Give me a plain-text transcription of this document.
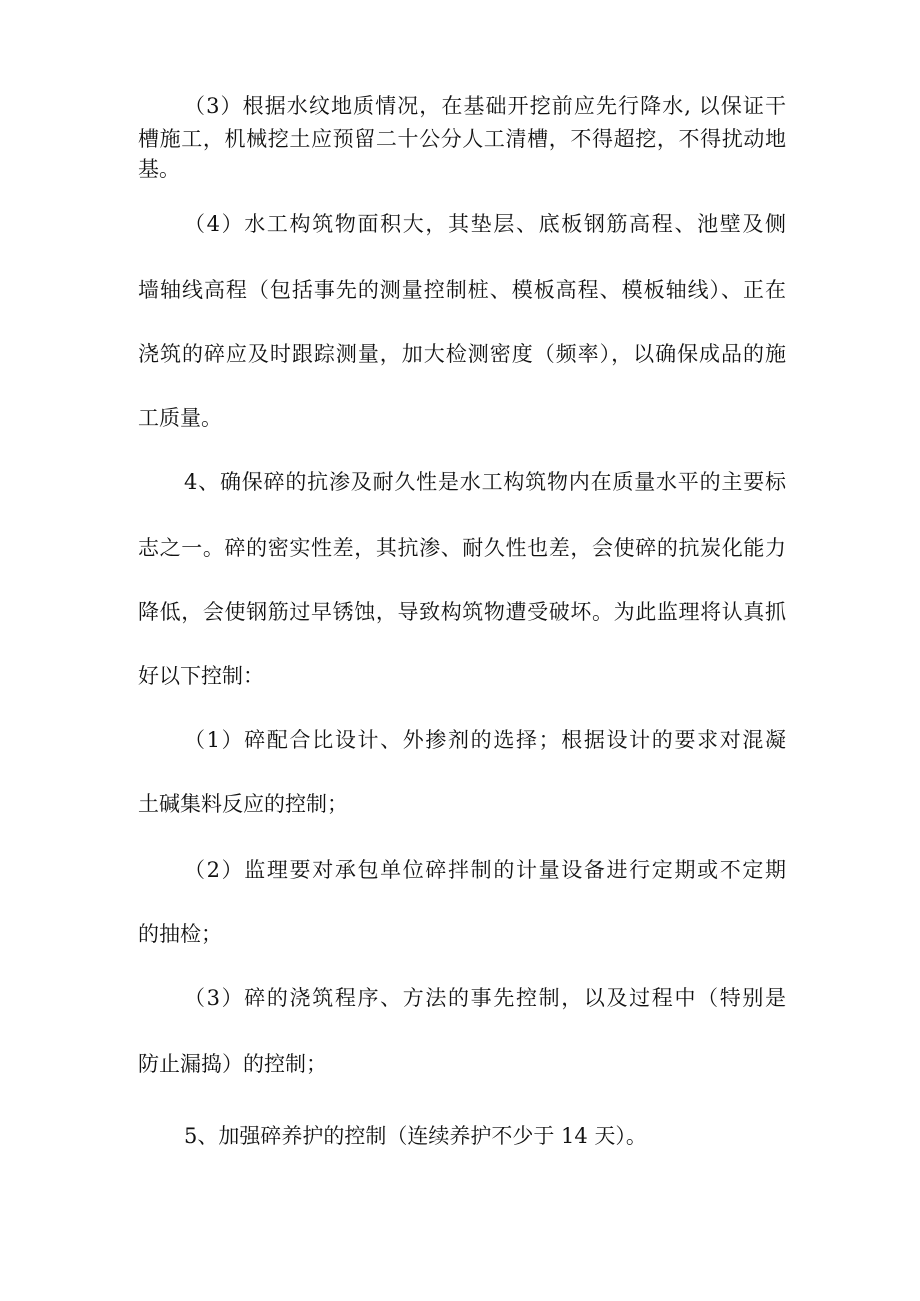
（3）根据水纹地质情况，在基础开挖前应先行降水, 以保证干
槽施工，机械挖土应预留二十公分人工清槽，不得超挖，不得扰动地
基。
（4）水工构筑物面积大，其垫层、底板钢筋高程、池壁及侧
墙轴线高程（包括事先的测量控制桩、模板高程、模板轴线）、正在
浇筑的碎应及时跟踪测量，加大检测密度（频率），以确保成品的施
工质量。
4、确保碎的抗渗及耐久性是水工构筑物内在质量水平的主要标
志之一。碎的密实性差，其抗渗、耐久性也差，会使碎的抗炭化能力
降低，会使钢筋过早锈蚀，导致构筑物遭受破坏。为此监理将认真抓
好以下控制：
（1）碎配合比设计、外掺剂的选择；根据设计的要求对混凝
土碱集料反应的控制；
（2）监理要对承包单位碎拌制的计量设备进行定期或不定期
的抽检；
（3）碎的浇筑程序、方法的事先控制，以及过程中（特别是
防止漏捣）的控制；
5、加强碎养护的控制（连续养护不少于 14 天）。
